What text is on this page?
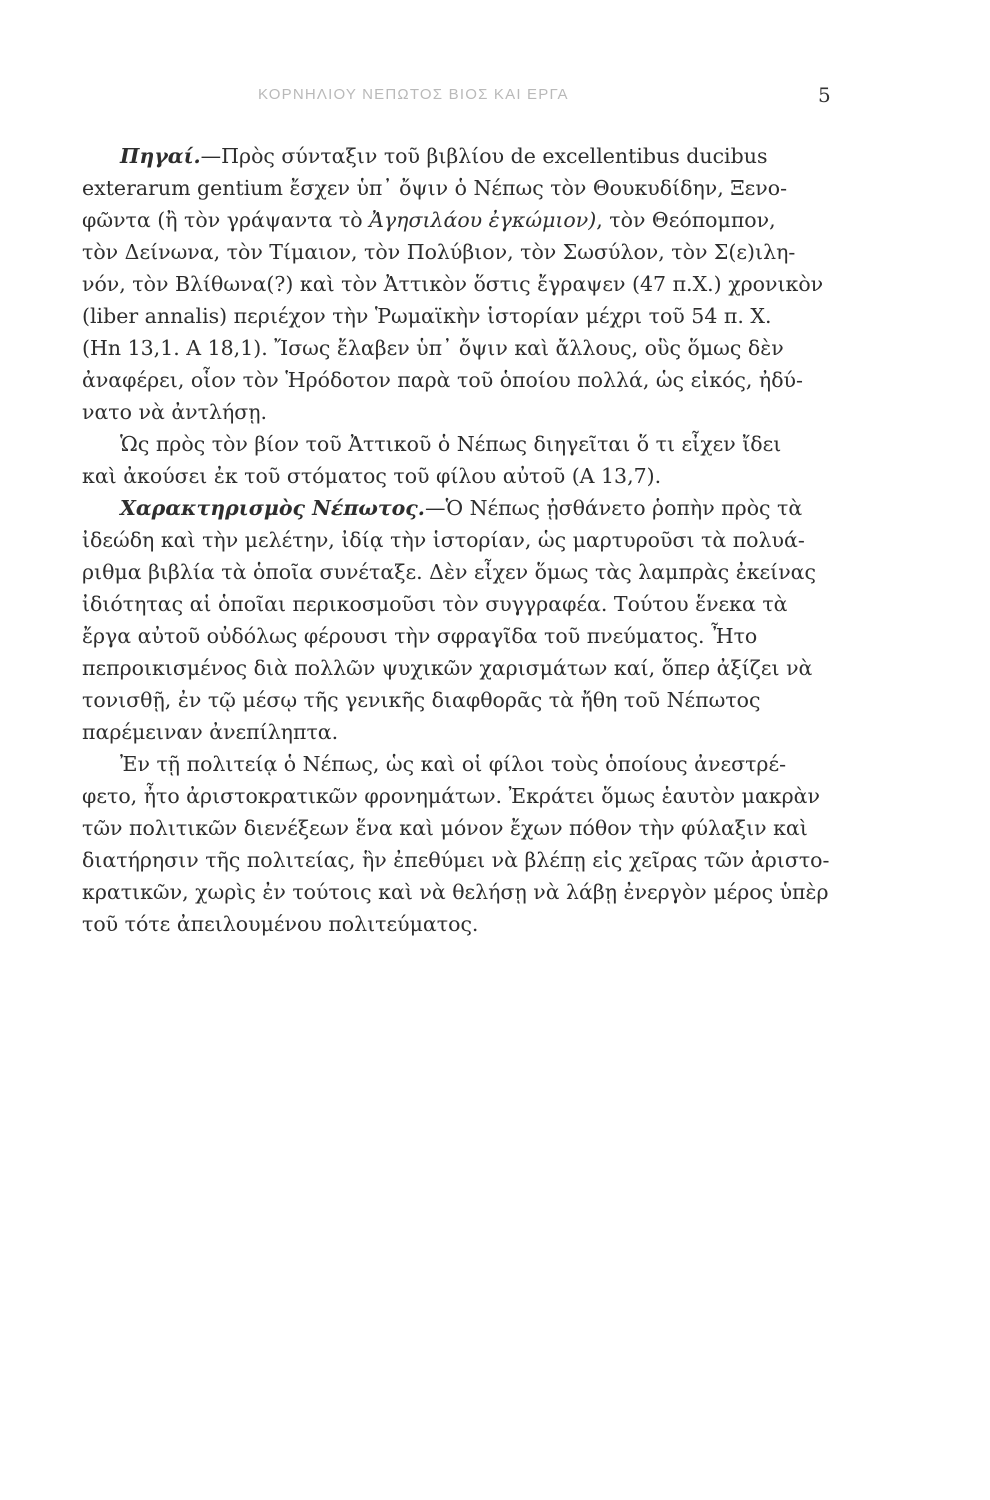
ΚΟΡΝΗΛΙΟΥ ΝΕΠΩΤΟΣ ΒΙΟΣ ΚΑΙ ΕΡΓΑ	5
Πηγαί.—Πρὸς σύνταξιν τοῦ βιβλίου de excellentibus ducibus
exterarum gentium ἔσχεν ὑπ᾽ ὄψιν ὁ Νέπως τὸν Θουκυδίδην, Ξενο-
φῶντα (ἢ τὸν γράψαντα τὸ Ἀγησιλάου ἐγκώμιον), τὸν Θεόπομπον,
τὸν Δείνωνα, τὸν Τίμαιον, τὸν Πολύβιον, τὸν Σωσύλον, τὸν Σ(ε)ιλη-
νόν, τὸν Βλίθωνα(?) καὶ τὸν Ἀττικὸν ὅστις ἔγραψεν (47 π.Χ.) χρονικὸν
(liber annalis) περιέχον τὴν Ῥωμαϊκὴν ἱστορίαν μέχρι τοῦ 54 π. Χ.
(Hn 13,1. A 18,1). Ἴσως ἔλαβεν ὑπ᾽ ὄψιν καὶ ἄλλους, οὓς ὅμως δὲν
ἀναφέρει, οἷον τὸν Ἡρόδοτον παρὰ τοῦ ὁποίου πολλά, ὡς εἰκός, ἠδύ-
νατο νὰ ἀντλήσῃ.
Ὡς πρὸς τὸν βίον τοῦ Ἀττικοῦ ὁ Νέπως διηγεῖται ὅ τι εἶχεν ἴδει
καὶ ἀκούσει ἐκ τοῦ στόματος τοῦ φίλου αὐτοῦ (A 13,7).
Χαρακτηρισμὸς Νέπωτος.—Ὁ Νέπως ᾐσθάνετο ῥοπὴν πρὸς τὰ
ἰδεώδη καὶ τὴν μελέτην, ἰδίᾳ τὴν ἱστορίαν, ὡς μαρτυροῦσι τὰ πολυά-
ριθμα βιβλία τὰ ὁποῖα συνέταξε. Δὲν εἶχεν ὅμως τὰς λαμπρὰς ἐκείνας
ἰδιότητας αἱ ὁποῖαι περικοσμοῦσι τὸν συγγραφέα. Τούτου ἕνεκα τὰ
ἔργα αὐτοῦ οὐδόλως φέρουσι τὴν σφραγῖδα τοῦ πνεύματος. Ἦτο
πεπροικισμένος διὰ πολλῶν ψυχικῶν χαρισμάτων καί, ὅπερ ἀξίζει νὰ
τονισθῇ, ἐν τῷ μέσῳ τῆς γενικῆς διαφθορᾶς τὰ ἤθη τοῦ Νέπωτος
παρέμειναν ἀνεπίληπτα.
Ἐν τῇ πολιτείᾳ ὁ Νέπως, ὡς καὶ οἱ φίλοι τοὺς ὁποίους ἀνεστρέ-
φετο, ἦτο ἀριστοκρατικῶν φρονημάτων. Ἐκράτει ὅμως ἑαυτὸν μακρὰν
τῶν πολιτικῶν διενέξεων ἕνα καὶ μόνον ἔχων πόθον τὴν φύλαξιν καὶ
διατήρησιν τῆς πολιτείας, ἣν ἐπεθύμει νὰ βλέπῃ εἰς χεῖρας τῶν ἀριστο-
κρατικῶν, χωρὶς ἐν τούτοις καὶ νὰ θελήσῃ νὰ λάβῃ ἐνεργὸν μέρος ὑπὲρ
τοῦ τότε ἀπειλουμένου πολιτεύματος.
